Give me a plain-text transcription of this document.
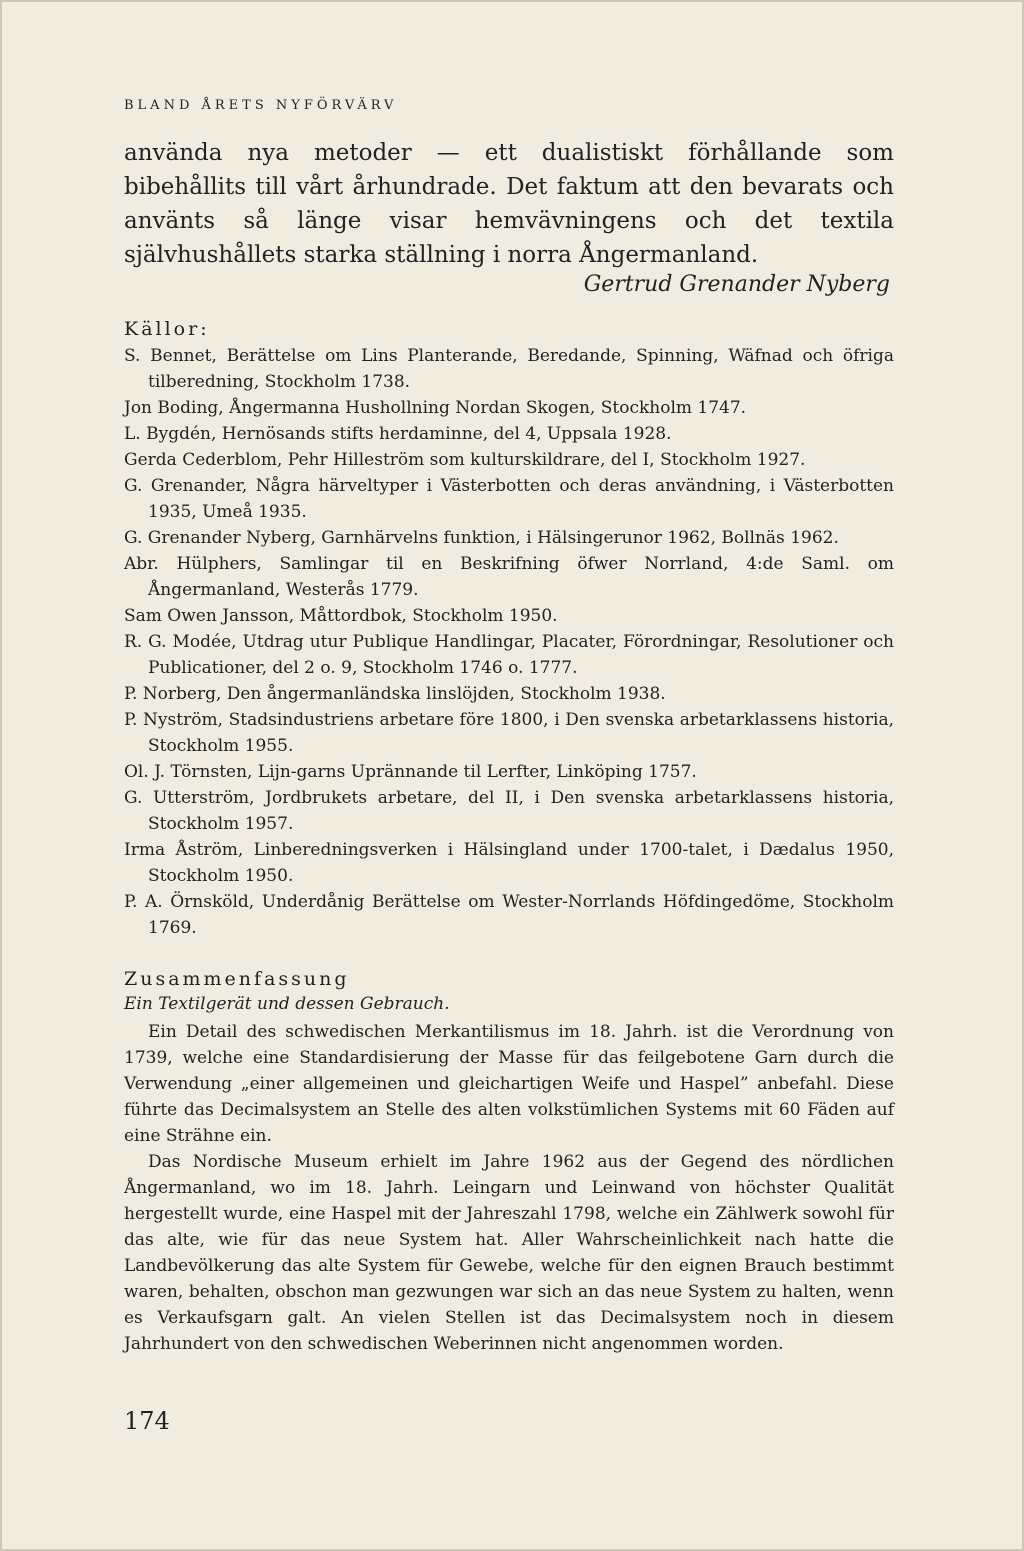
BLAND ÅRETS NYFÖRVÄRV
använda nya metoder — ett dualistiskt förhållande som bibehållits till vårt århundrade. Det faktum att den bevarats och använts så länge visar hemvävningens och det textila självhushållets starka ställning i norra Ångermanland.
Gertrud Grenander Nyberg
Källor:
S. Bennet, Berättelse om Lins Planterande, Beredande, Spinning, Wäfnad och öfriga tilberedning, Stockholm 1738.
Jon Boding, Ångermanna Hushollning Nordan Skogen, Stockholm 1747.
L. Bygdén, Hernösands stifts herdaminne, del 4, Uppsala 1928.
Gerda Cederblom, Pehr Hilleström som kulturskildrare, del I, Stockholm 1927.
G. Grenander, Några härveltyper i Västerbotten och deras användning, i Västerbotten 1935, Umeå 1935.
G. Grenander Nyberg, Garnhärvelns funktion, i Hälsingerunor 1962, Bollnäs 1962.
Abr. Hülphers, Samlingar til en Beskrifning öfwer Norrland, 4:de Saml. om Ångermanland, Westerås 1779.
Sam Owen Jansson, Måttordbok, Stockholm 1950.
R. G. Modée, Utdrag utur Publique Handlingar, Placater, Förordningar, Resolutioner och Publicationer, del 2 o. 9, Stockholm 1746 o. 1777.
P. Norberg, Den ångermanländska linslöjden, Stockholm 1938.
P. Nyström, Stadsindustriens arbetare före 1800, i Den svenska arbetarklassens historia, Stockholm 1955.
Ol. J. Törnsten, Lijn-garns Uprännande til Lerfter, Linköping 1757.
G. Utterström, Jordbrukets arbetare, del II, i Den svenska arbetarklassens historia, Stockholm 1957.
Irma Åström, Linberedningsverken i Hälsingland under 1700-talet, i Dædalus 1950, Stockholm 1950.
P. A. Örnsköld, Underdånig Berättelse om Wester-Norrlands Höfdingedöme, Stockholm 1769.
Zusammenfassung
Ein Textilgerät und dessen Gebrauch.

Ein Detail des schwedischen Merkantilismus im 18. Jahrh. ist die Verordnung von 1739, welche eine Standardisierung der Masse für das feilgebotene Garn durch die Verwendung „einer allgemeinen und gleichartigen Weife und Haspel” anbefahl. Diese führte das Decimalsystem an Stelle des alten volkstümlichen Systems mit 60 Fäden auf eine Strähne ein.

Das Nordische Museum erhielt im Jahre 1962 aus der Gegend des nördlichen Ångermanland, wo im 18. Jahrh. Leingarn und Leinwand von höchster Qualität hergestellt wurde, eine Haspel mit der Jahreszahl 1798, welche ein Zählwerk sowohl für das alte, wie für das neue System hat. Aller Wahrscheinlichkeit nach hatte die Landbevölkerung das alte System für Gewebe, welche für den eignen Brauch bestimmt waren, behalten, obschon man gezwungen war sich an das neue System zu halten, wenn es Verkaufsgarn galt. An vielen Stellen ist das Decimalsystem noch in diesem Jahrhundert von den schwedischen Weberinnen nicht angenommen worden.

174
